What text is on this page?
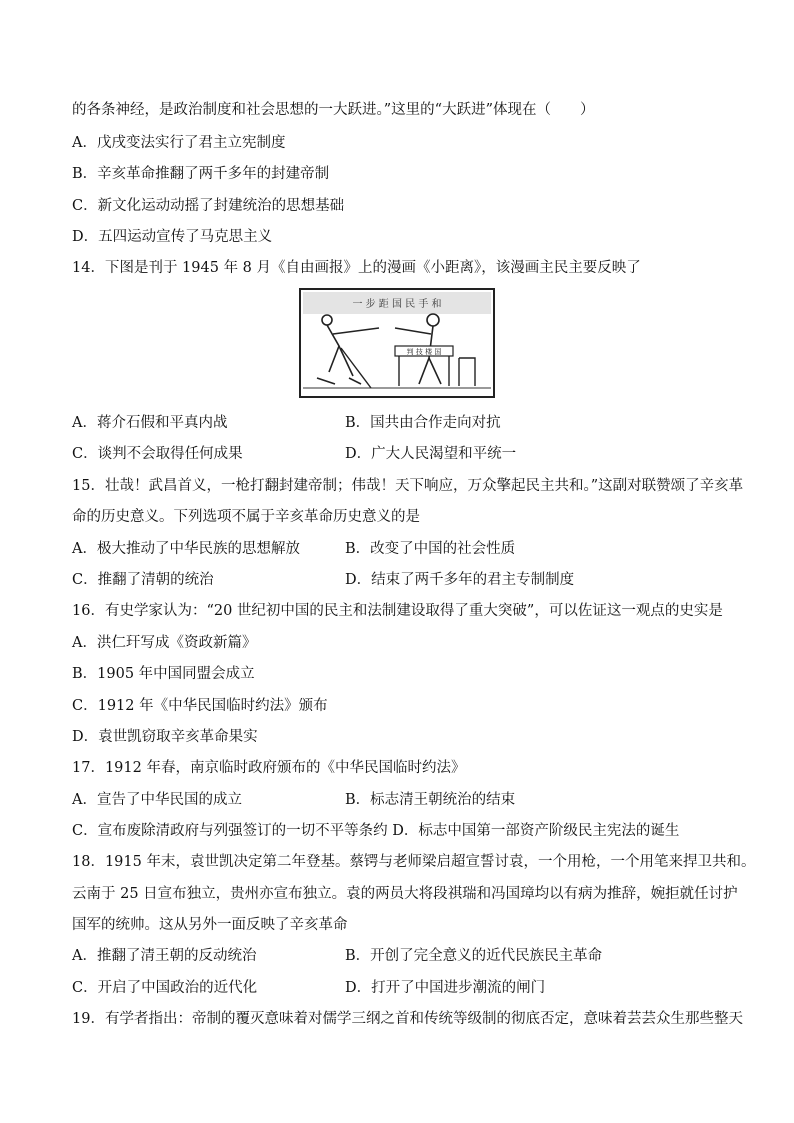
的各条神经，是政治制度和社会思想的一大跃进。”这里的“大跃进”体现在（　　）
A．戊戌变法实行了君主立宪制度
B．辛亥革命推翻了两千多年的封建帝制
C．新文化运动动摇了封建统治的思想基础
D．五四运动宣传了马克思主义
14．下图是刊于 1945 年 8 月《自由画报》上的漫画《小距离》，该漫画主民主要反映了
一 步 距 国 民 手 和
判 技 楼 国
A．蒋介石假和平真内战	B．国共由合作走向对抗
C．谈判不会取得任何成果	D．广大人民渴望和平统一
15．壮哉！武昌首义，一枪打翻封建帝制；伟哉！天下响应，万众擎起民主共和。”这副对联赞颂了辛亥革
命的历史意义。下列选项不属于辛亥革命历史意义的是
A．极大推动了中华民族的思想解放	B．改变了中国的社会性质
C．推翻了清朝的统治	D．结束了两千多年的君主专制制度
16．有史学家认为：“20 世纪初中国的民主和法制建设取得了重大突破”，可以佐证这一观点的史实是
A．洪仁玕写成《资政新篇》
B．1905 年中国同盟会成立
C．1912 年《中华民国临时约法》颁布
D．袁世凯窃取辛亥革命果实
17．1912 年春，南京临时政府颁布的《中华民国临时约法》
A．宣告了中华民国的成立	B．标志清王朝统治的结束
C．宣布废除清政府与列强签订的一切不平等条约 D．标志中国第一部资产阶级民主宪法的诞生
18．1915 年末，袁世凯决定第二年登基。蔡锷与老师梁启超宣誓讨袁，一个用枪，一个用笔来捍卫共和。
云南于 25 日宣布独立，贵州亦宣布独立。袁的两员大将段祺瑞和冯国璋均以有病为推辞，婉拒就任讨护
国军的统帅。这从另外一面反映了辛亥革命
A．推翻了清王朝的反动统治	B．开创了完全意义的近代民族民主革命
C．开启了中国政治的近代化	D．打开了中国进步潮流的闸门
19．有学者指出：帝制的覆灭意味着对儒学三纲之首和传统等级制的彻底否定，意味着芸芸众生那些整天
